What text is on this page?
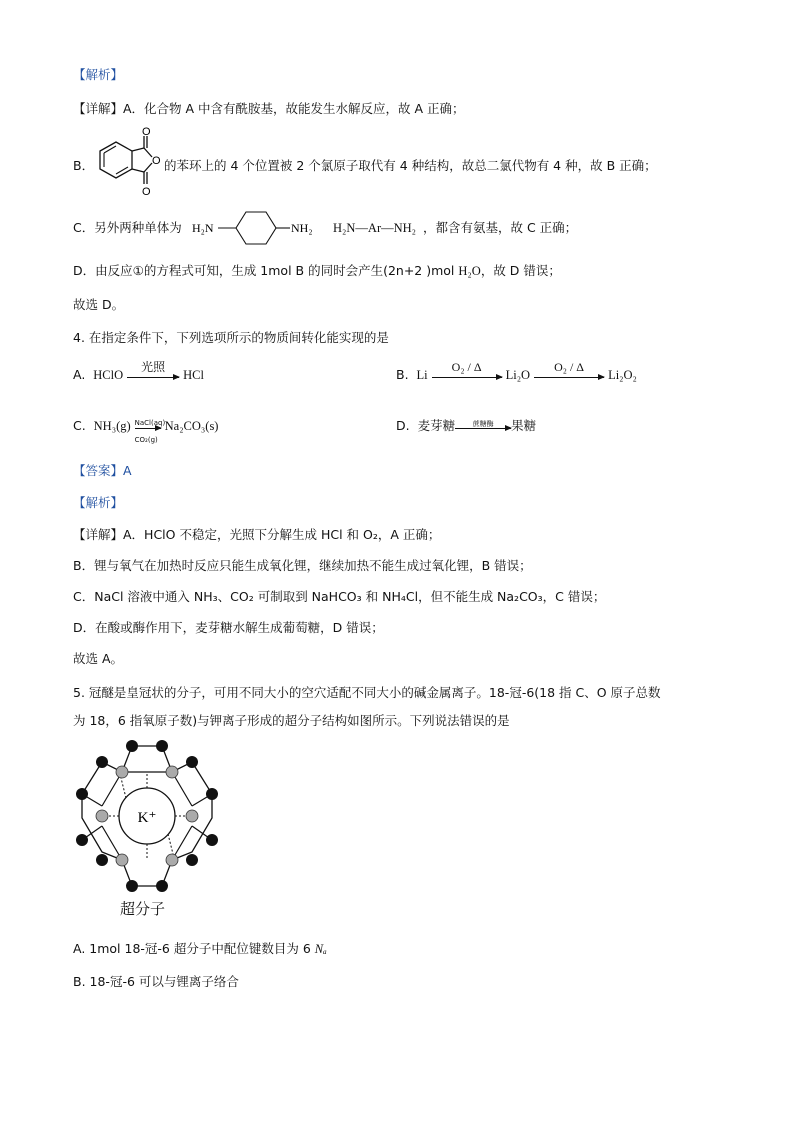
【解析】
【详解】A．化合物 A 中含有酰胺基，故能发生水解反应，故 A 正确；
B．
O
O
O
的苯环上的 4 个位置被 2 个氯原子取代有 4 种结构，故总二氯代物有 4 种，故 B 正确；
C．另外两种单体为 H₂N	NH₂ H₂N—Ar—NH₂ ，都含有氨基，故 C 正确；
D．由反应①的方程式可知，生成 1mol B 的同时会产生(2n+2 )mol H₂O，故 D 错误；
故选 D。
4. 在指定条件下，下列选项所示的物质间转化能实现的是
A. HClO
光照
HCl	B. Li
O₂ / Δ
Li₂O
O₂ / Δ
Li₂O₂
C. NH₃(g) NaCl(aq)
CO₂(g)
Na₂CO₃(s)	D. 麦芽糖	蔗糖酶	果糖
【答案】A
【解析】
【详解】A．HClO 不稳定，光照下分解生成 HCl 和 O₂，A 正确；
B．锂与氧气在加热时反应只能生成氧化锂，继续加热不能生成过氧化锂，B 错误；
C．NaCl 溶液中通入 NH₃、CO₂ 可制取到 NaHCO₃ 和 NH₄Cl，但不能生成 Na₂CO₃，C 错误；
D．在酸或酶作用下，麦芽糖水解生成葡萄糖，D 错误；
故选 A。
5. 冠醚是皇冠状的分子，可用不同大小的空穴适配不同大小的碱金属离子。18-冠-6(18 指 C、O 原子总数
为 18，6 指氧原子数)与钾离子形成的超分子结构如图所示。下列说法错误的是
K⁺
超分子
A. 1mol 18-冠-6 超分子中配位键数目为 6 Nₐ
B. 18-冠-6 可以与锂离子络合
